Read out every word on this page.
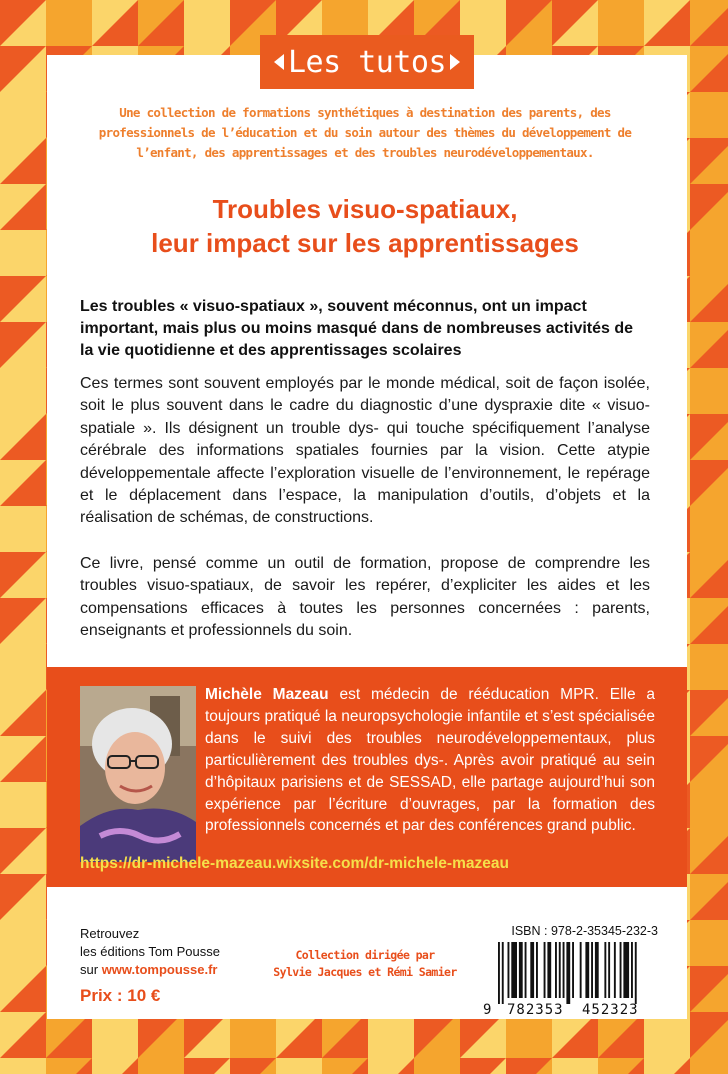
Les tutos
Une collection de formations synthétiques à destination des parents, des professionnels de l’éducation et du soin autour des thèmes du développement de l’enfant, des apprentissages et des troubles neurodéveloppementaux.
Troubles visuo-spatiaux,
leur impact sur les apprentissages
Les troubles « visuo-spatiaux », souvent méconnus, ont un impact important, mais plus ou moins masqué dans de nombreuses activités de la vie quotidienne et des apprentissages scolaires
Ces termes sont souvent employés par le monde médical, soit de façon isolée, soit le plus souvent dans le cadre du diagnostic d’une dyspraxie dite « visuo-spatiale ». Ils désignent un trouble dys- qui touche spécifiquement l’analyse cérébrale des informations spatiales fournies par la vision. Cette atypie développementale affecte l’exploration visuelle de l’environnement, le repérage et le déplacement dans l’espace, la manipulation d’outils, d’objets et la réalisation de schémas, de constructions.
Ce livre, pensé comme un outil de formation, propose de comprendre les troubles visuo-spatiaux, de savoir les repérer, d’expliciter les aides et les compensations efficaces à toutes les personnes concernées : parents, enseignants et professionnels du soin.
Michèle Mazeau est médecin de rééducation MPR. Elle a toujours pratiqué la neuropsychologie infantile et s’est spécialisée dans le suivi des troubles neurodéveloppementaux, plus particulièrement des troubles dys-. Après avoir pratiqué au sein d’hôpitaux parisiens et de SESSAD, elle partage aujourd’hui son expérience par l’écriture d’ouvrages, par la formation des professionnels concernés et par des conférences grand public.
https://dr-michele-mazeau.wixsite.com/dr-michele-mazeau
Retrouvez
les éditions Tom Pousse
sur www.tompousse.fr
Prix : 10 €
Collection dirigée par
Sylvie Jacques et Rémi Samier
ISBN : 978-2-35345-232-3
9 782353 452323
